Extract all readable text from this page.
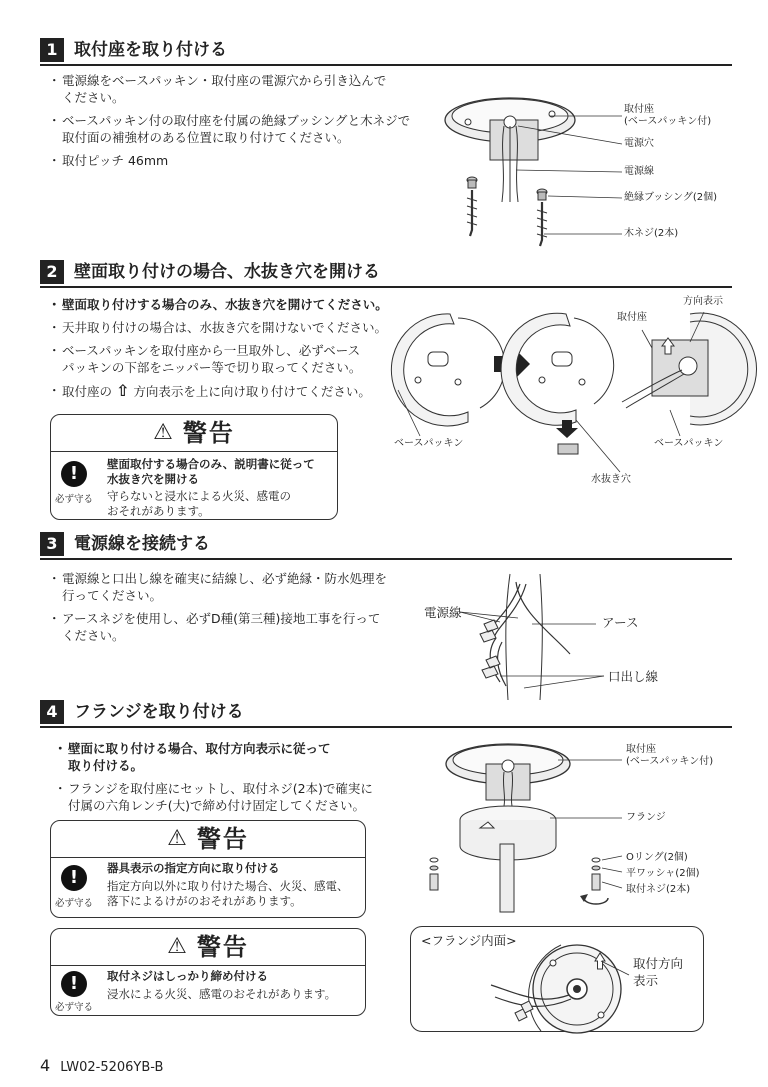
1 取付座を取り付ける
・ 電源線をベースパッキン・取付座の電源穴から引き込んで
ください。
・ ベースパッキン付の取付座を付属の絶縁ブッシングと木ネジで
取付面の補強材のある位置に取り付けてください。
・ 取付ピッチ 46mm
取付座
(ベースパッキン付)
電源穴
電源線
絶縁ブッシング(2個)
木ネジ(2本)
2 壁面取り付けの場合、水抜き穴を開ける
・ 壁面取り付けする場合のみ、水抜き穴を開けてください。
・ 天井取り付けの場合は、水抜き穴を開けないでください。
・ ベースパッキンを取付座から一旦取外し、必ずベース
パッキンの下部をニッパー等で切り取ってください。
・ 取付座の ⇧ 方向表示を上に向け取り付けてください。
⚠ 警告
!
必ず守る
壁面取付する場合のみ、説明書に従って
水抜き穴を開ける
守らないと浸水による火災、感電の
おそれがあります。
ベースパッキン
水抜き穴
取付座
方向表示
ベースパッキン
3 電源線を接続する
・ 電源線と口出し線を確実に結線し、必ず絶縁・防水処理を
行ってください。
・ アースネジを使用し、必ずD種(第三種)接地工事を行って
ください。
電源線
アース
口出し線
4 フランジを取り付ける
・ 壁面に取り付ける場合、取付方向表示に従って
取り付ける。
・ フランジを取付座にセットし、取付ネジ(2本)で確実に
付属の六角レンチ(大)で締め付け固定してください。
⚠ 警告
!
必ず守る
器具表示の指定方向に取り付ける
指定方向以外に取り付けた場合、火災、感電、
落下によるけがのおそれがあります。
⚠ 警告
!
必ず守る
取付ネジはしっかり締め付ける
浸水による火災、感電のおそれがあります。
取付座
(ベースパッキン付)
フランジ
Oリング(2個)
平ワッシャ(2個)
取付ネジ(2本)
<フランジ内面>
取付方向
表示
4 LW02-5206YB-B
